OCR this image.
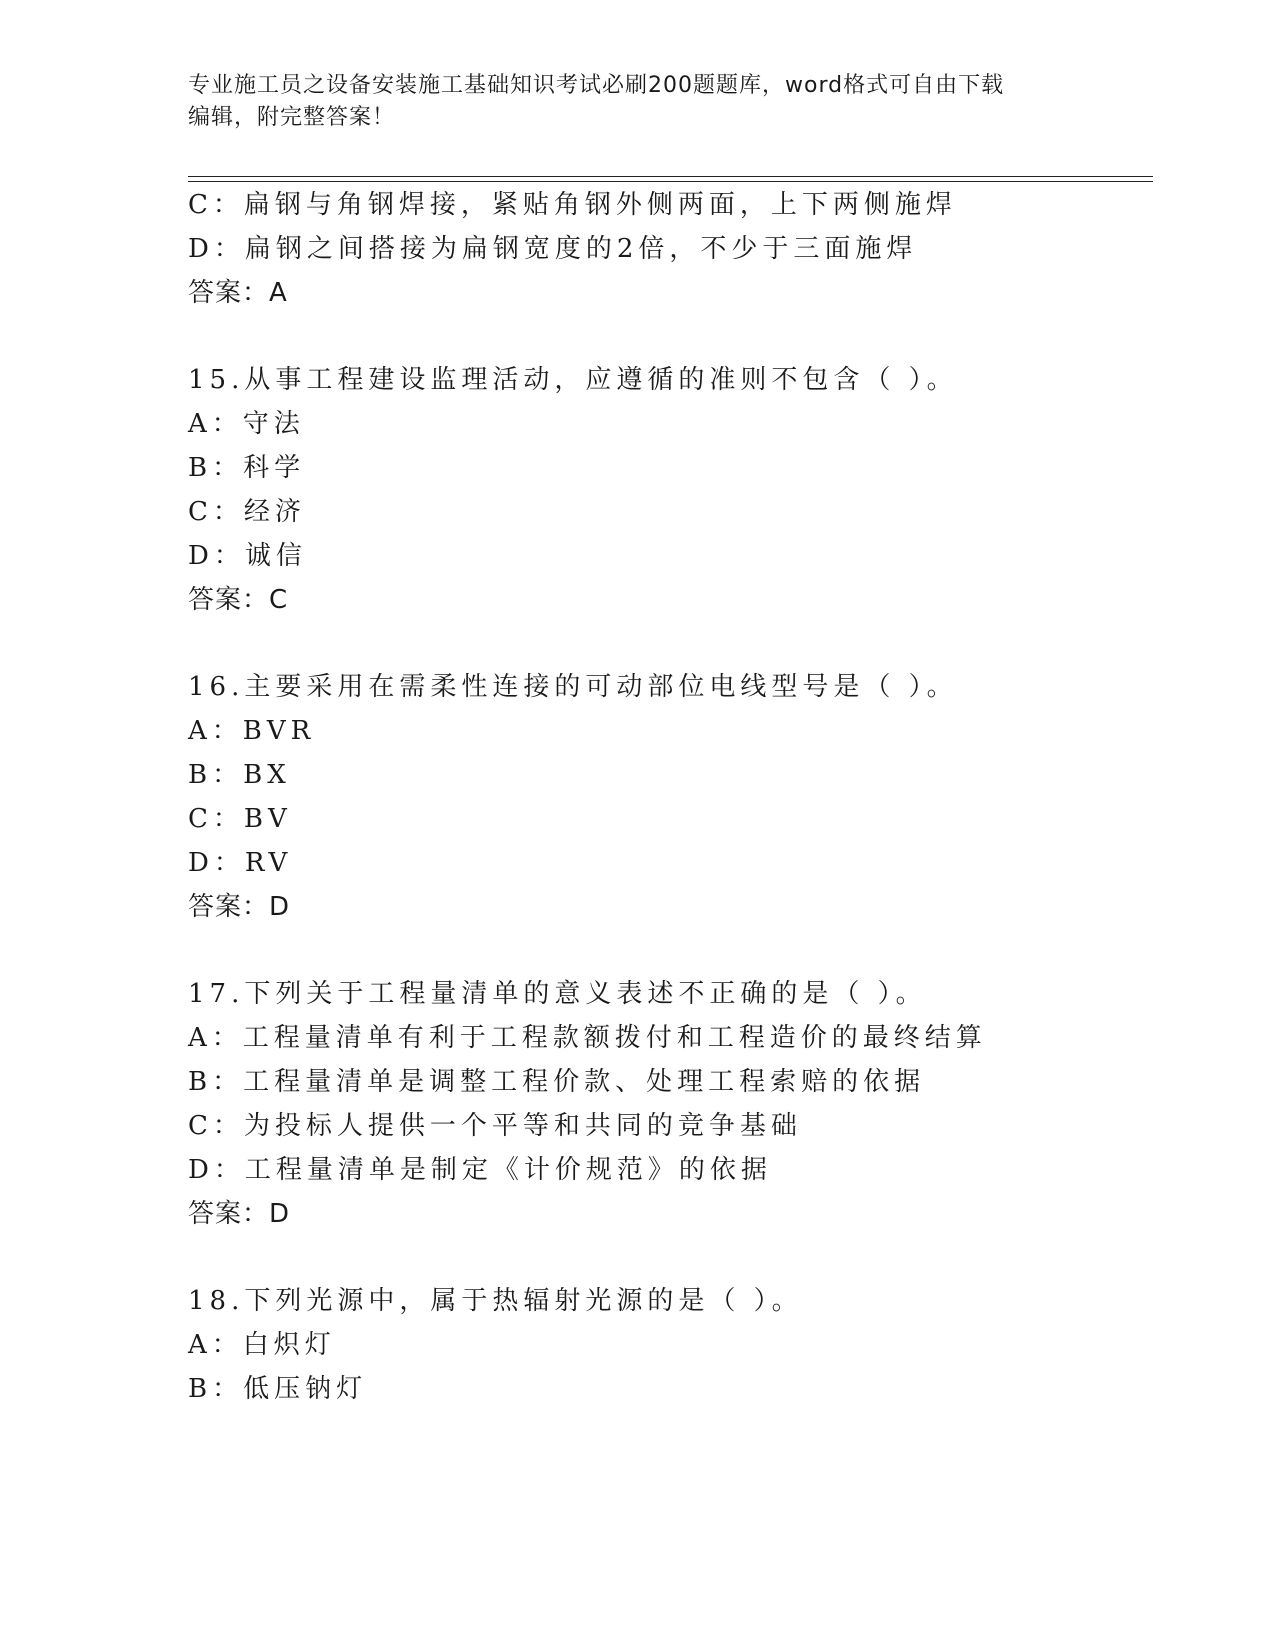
专业施工员之设备安装施工基础知识考试必刷200题题库，word格式可自由下载
编辑，附完整答案！
C：扁钢与角钢焊接，紧贴角钢外侧两面，上下两侧施焊
D：扁钢之间搭接为扁钢宽度的2倍，不少于三面施焊
答案：A
15.从事工程建设监理活动，应遵循的准则不包含（ ）。
A：守法
B：科学
C：经济
D：诚信
答案：C
16.主要采用在需柔性连接的可动部位电线型号是（ ）。
A：BVR
B：BX
C：BV
D：RV
答案：D
17.下列关于工程量清单的意义表述不正确的是（ ）。
A：工程量清单有利于工程款额拨付和工程造价的最终结算
B：工程量清单是调整工程价款、处理工程索赔的依据
C：为投标人提供一个平等和共同的竞争基础
D：工程量清单是制定《计价规范》的依据
答案：D
18.下列光源中，属于热辐射光源的是（ ）。
A：白炽灯
B：低压钠灯
